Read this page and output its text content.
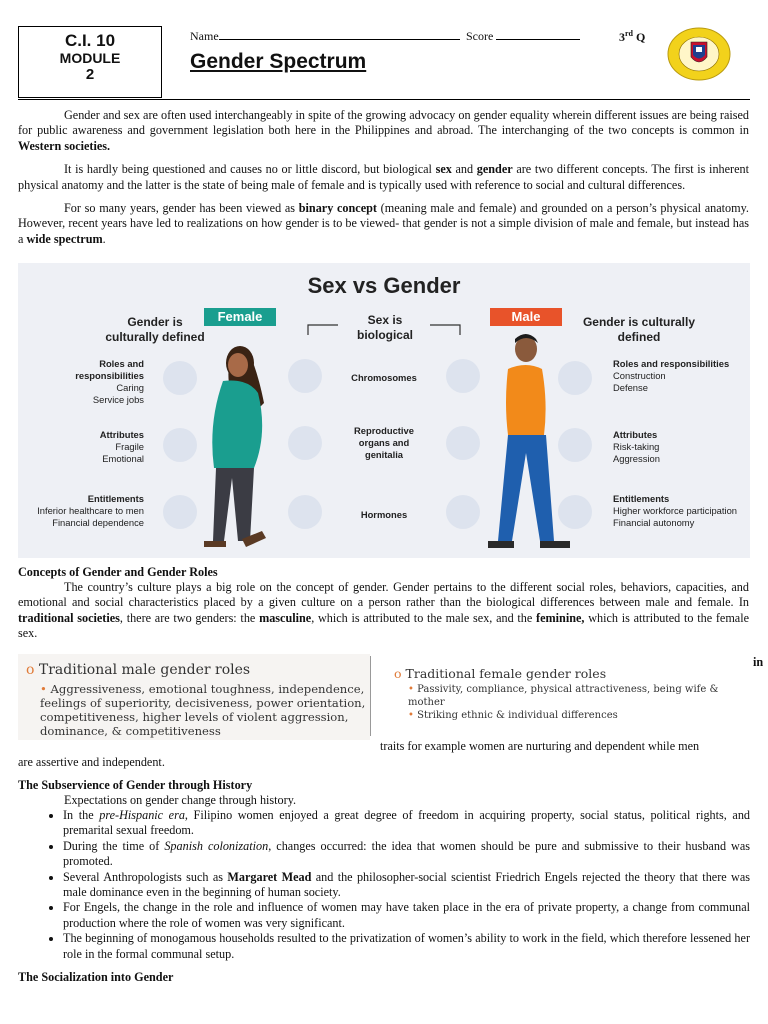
C.I. 10
MODULE
2
Name	Score	3rd Q
Gender Spectrum

Gender and sex are often used interchangeably in spite of the growing advocacy on gender equality wherein different issues are being raised for public awareness and government legislation both here in the Philippines and abroad. The interchanging of the two concepts is common in Western societies.

It is hardly being questioned and causes no or little discord, but biological sex and gender are two different concepts. The first is inherent physical anatomy and the latter is the state of being male of female and is typically used with reference to social and cultural differences.

For so many years, gender has been viewed as binary concept (meaning male and female) and grounded on a person’s physical anatomy. However, recent years have led to realizations on how gender is to be viewed- that gender is not a simple division of male and female, but instead has a wide spectrum.

Sex vs Gender
Gender is culturally defined
Gender is culturally defined
Sex is biological
Female	Male
Roles and responsibilities
Caring
Service jobs
Attributes
Fragile
Emotional
Entitlements
Inferior healthcare to men
Financial dependence
Chromosomes
Reproductive organs and genitalia
Hormones
Roles and responsibilities
Construction
Defense
Attributes
Risk-taking
Aggression
Entitlements
Higher workforce participation
Financial autonomy
Concepts of Gender and Gender Roles

The country’s culture plays a big role on the concept of gender. Gender pertains to the different social roles, behaviors, capacities, and emotional and social characteristics placed by a given culture on a person rather than the biological differences between male and female. In traditional societies, there are two genders: the masculine, which is attributed to the male sex, and the feminine, which is attributed to the female sex.

o Traditional male gender roles
• Aggressiveness, emotional toughness, independence, feelings of superiority, decisiveness, power orientation, competitiveness, higher levels of violent aggression, dominance, & competitiveness
o Traditional female gender roles
• Passivity, compliance, physical attractiveness, being wife & mother
• Striking ethnic & individual differences
in
traits for example women are nurturing and dependent while men
are assertive and independent.
The Subservience of Gender through History
Expectations on gender change through history.
• In the pre-Hispanic era, Filipino women enjoyed a great degree of freedom in acquiring property, social status, political rights, and premarital sexual freedom.
• During the time of Spanish colonization, changes occurred: the idea that women should be pure and submissive to their husband was promoted.
• Several Anthropologists such as Margaret Mead and the philosopher-social scientist Friedrich Engels rejected the theory that there was male dominance even in the beginning of human society.
• For Engels, the change in the role and influence of women may have taken place in the era of private property, a change from communal production where the role of women was very significant.
• The beginning of monogamous households resulted to the privatization of women’s ability to work in the field, which therefore lessened her role in the formal communal setup.
The Socialization into Gender
